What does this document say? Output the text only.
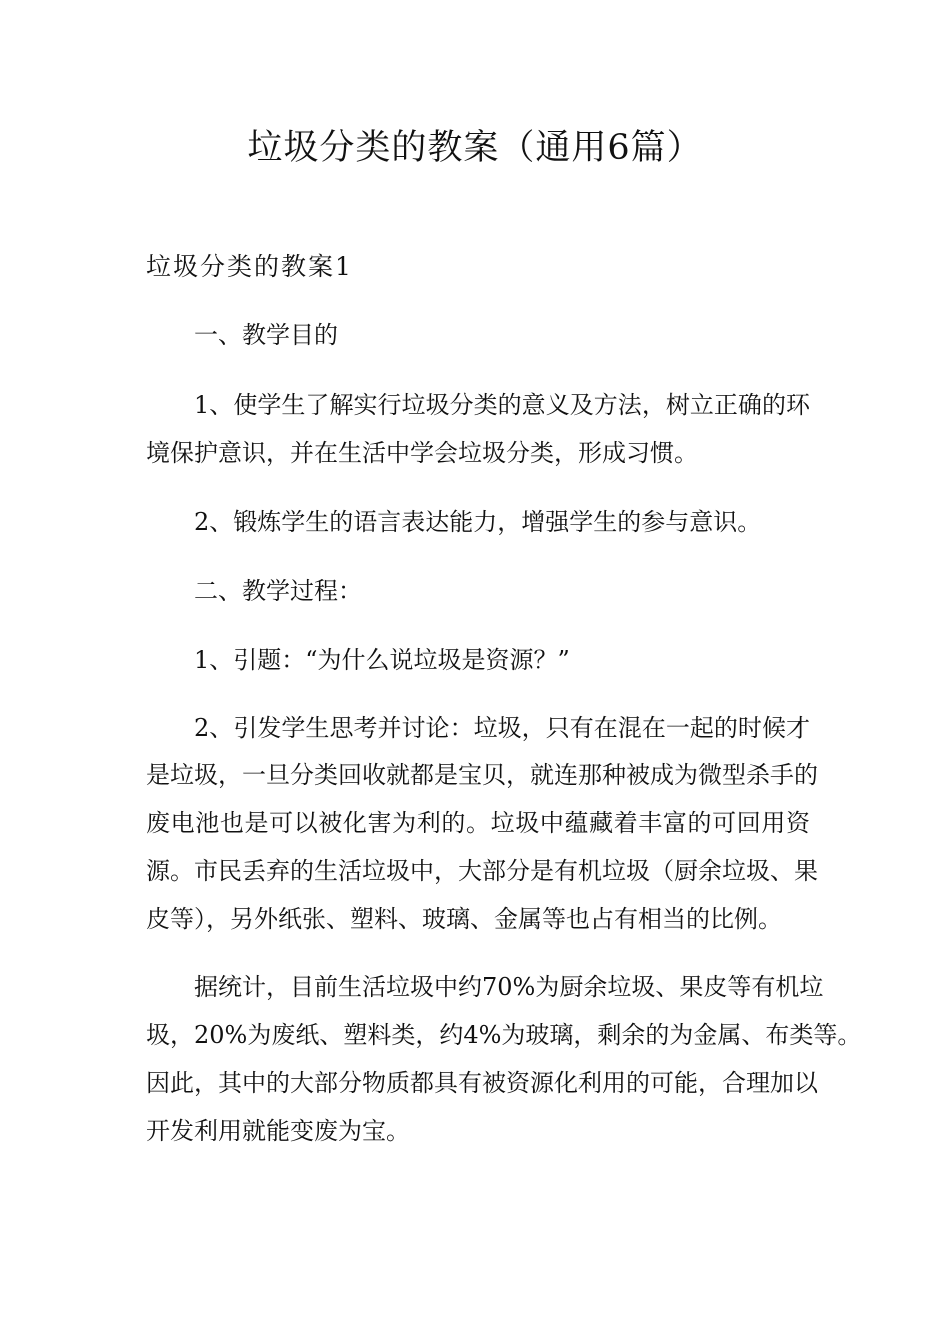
垃圾分类的教案（通用6篇）
垃圾分类的教案1
一、教学目的
1、使学生了解实行垃圾分类的意义及方法，树立正确的环
境保护意识，并在生活中学会垃圾分类，形成习惯。
2、锻炼学生的语言表达能力，增强学生的参与意识。
二、教学过程：
1、引题：“为什么说垃圾是资源？”
2、引发学生思考并讨论：垃圾，只有在混在一起的时候才
是垃圾，一旦分类回收就都是宝贝，就连那种被成为微型杀手的
废电池也是可以被化害为利的。垃圾中蕴藏着丰富的可回用资
源。市民丢弃的生活垃圾中，大部分是有机垃圾（厨余垃圾、果
皮等），另外纸张、塑料、玻璃、金属等也占有相当的比例。
据统计，目前生活垃圾中约70%为厨余垃圾、果皮等有机垃
圾，20%为废纸、塑料类，约4%为玻璃，剩余的为金属、布类等。
因此，其中的大部分物质都具有被资源化利用的可能，合理加以
开发利用就能变废为宝。
